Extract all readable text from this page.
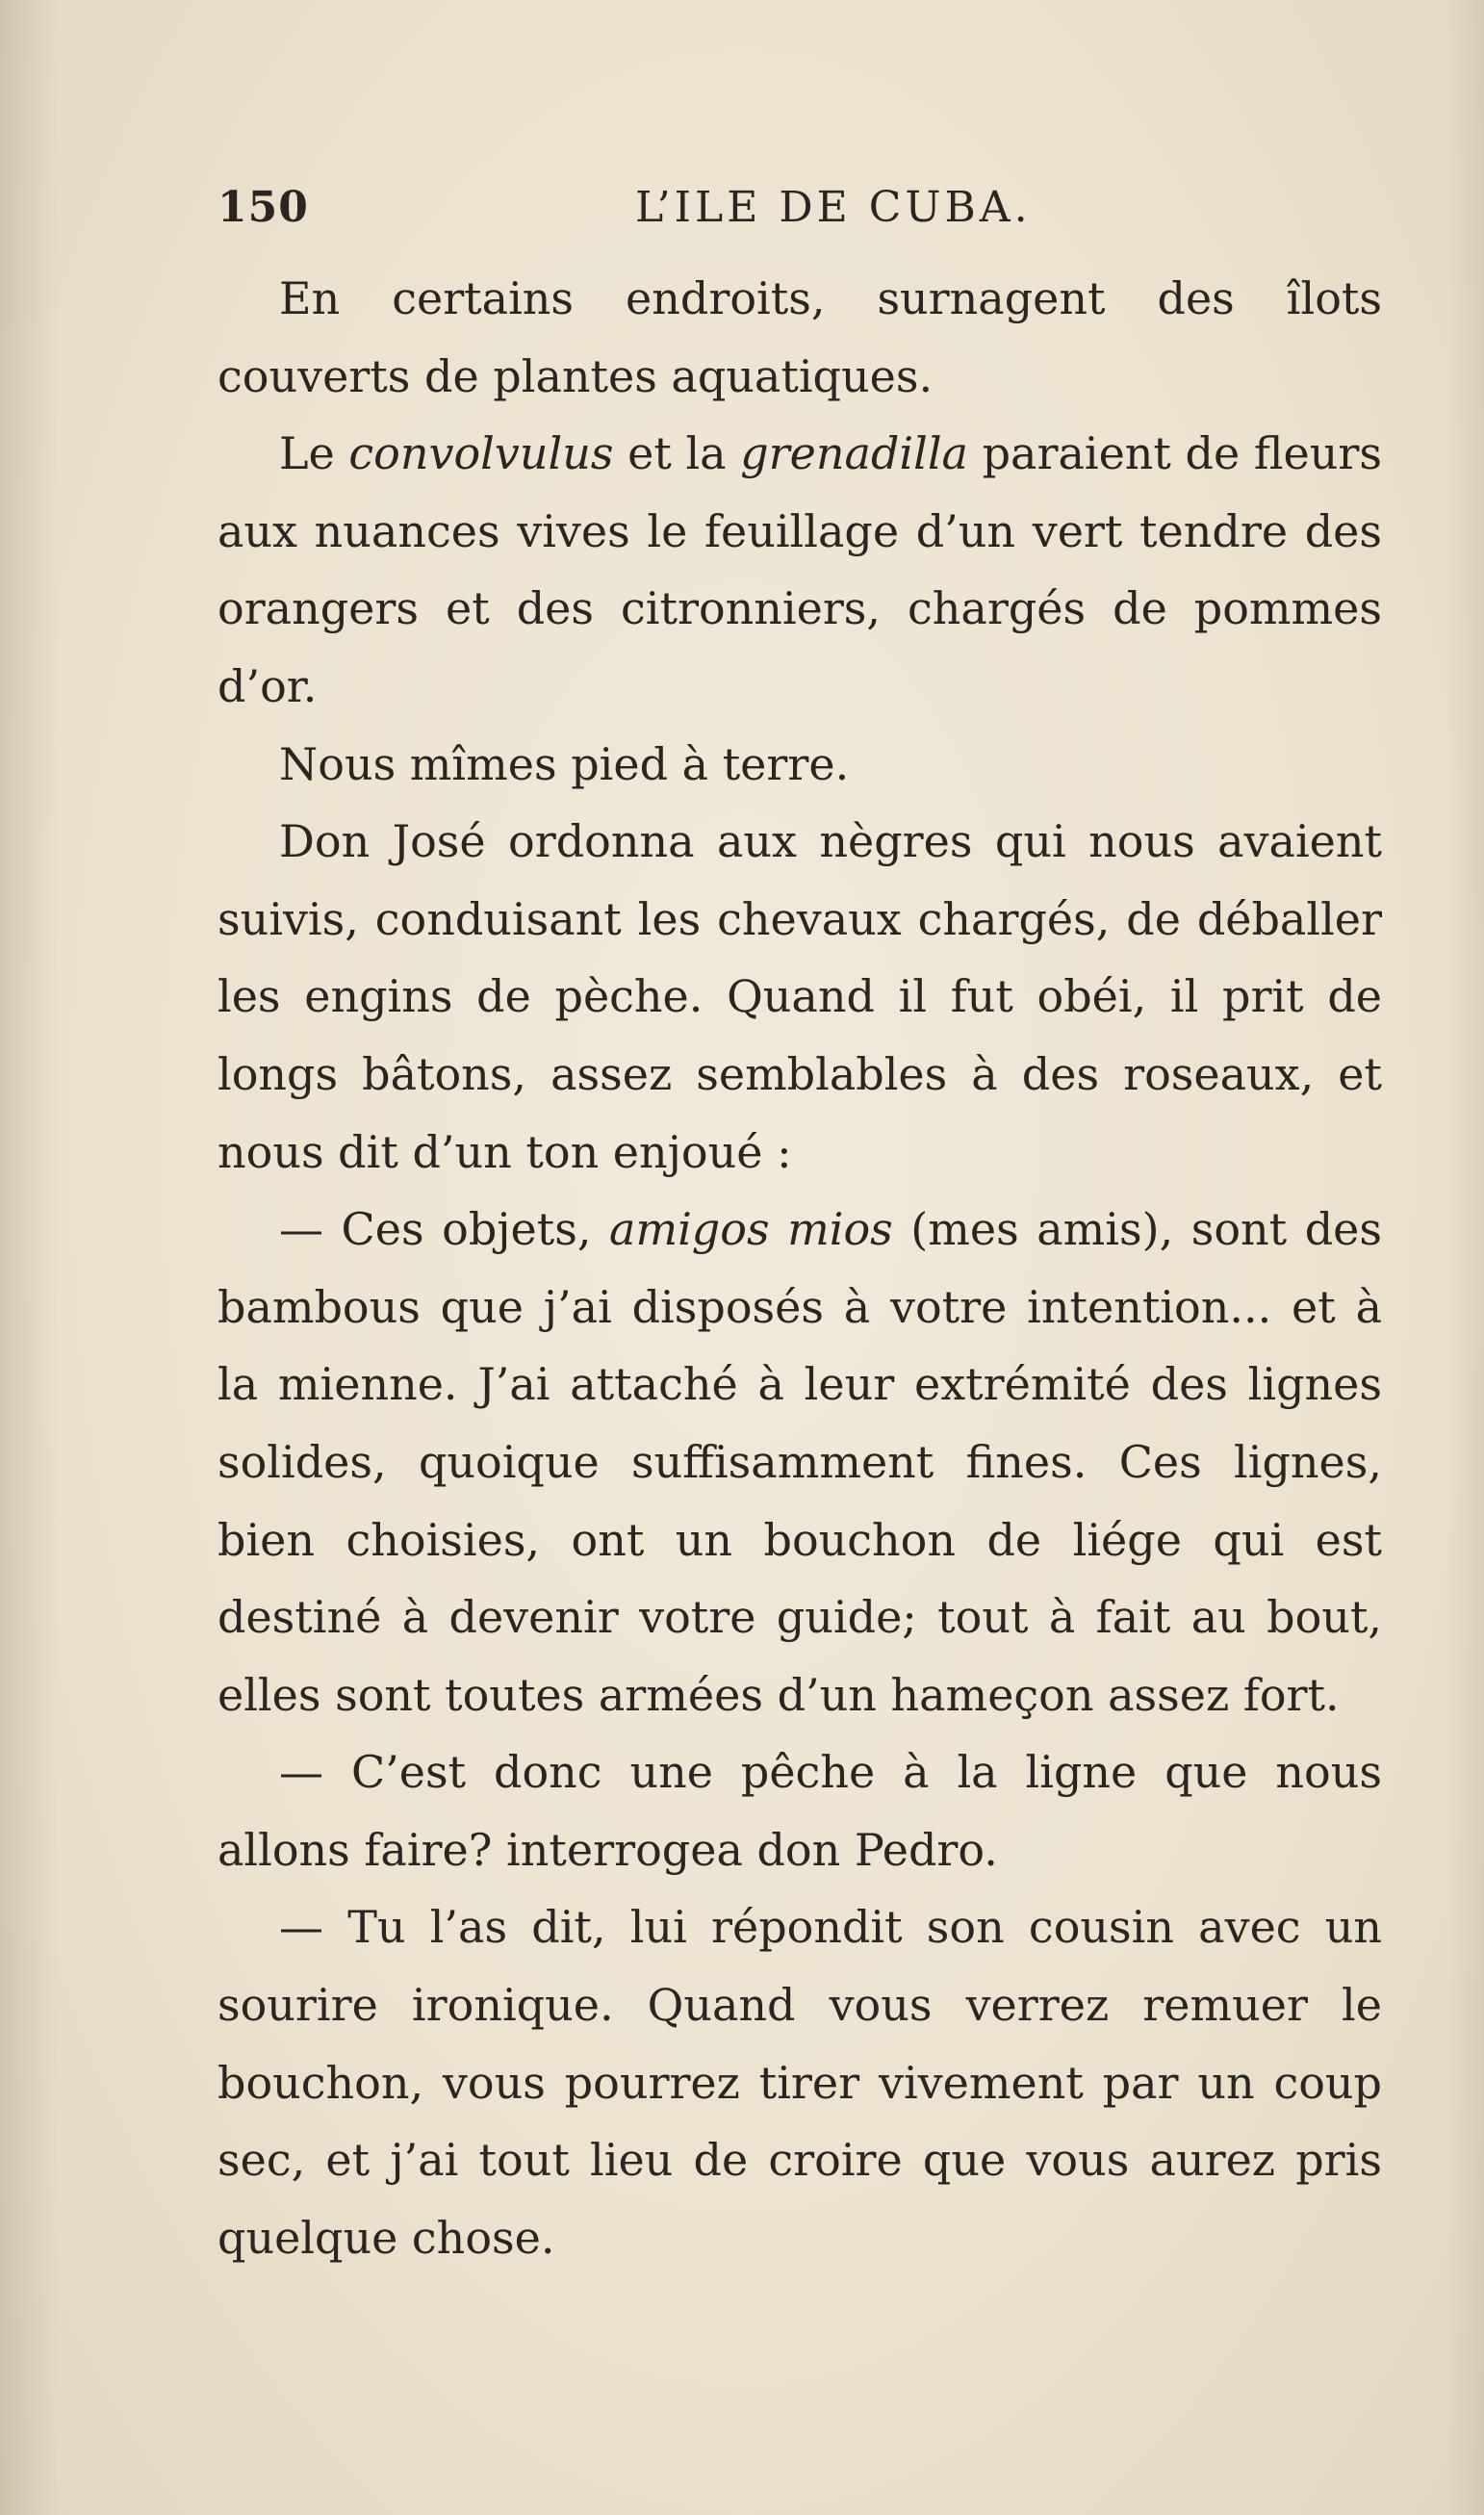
150	L’ILE DE CUBA.

En certains endroits, surnagent des îlots couverts de plantes aquatiques.

Le convolvulus et la grenadilla paraient de fleurs aux nuances vives le feuillage d’un vert tendre des orangers et des citronniers, chargés de pommes d’or.

Nous mîmes pied à terre.

Don José ordonna aux nègres qui nous avaient suivis, conduisant les chevaux chargés, de déballer les engins de pèche. Quand il fut obéi, il prit de longs bâtons, assez semblables à des roseaux, et nous dit d’un ton enjoué :

— Ces objets, amigos mios (mes amis), sont des bambous que j’ai disposés à votre intention... et à la mienne. J’ai attaché à leur extrémité des lignes solides, quoique suffisamment fines. Ces lignes, bien choisies, ont un bouchon de liége qui est destiné à devenir votre guide; tout à fait au bout, elles sont toutes armées d’un hameçon assez fort.

— C’est donc une pêche à la ligne que nous allons faire? interrogea don Pedro.

— Tu l’as dit, lui répondit son cousin avec un sourire ironique. Quand vous verrez remuer le bouchon, vous pourrez tirer vivement par un coup sec, et j’ai tout lieu de croire que vous aurez pris quelque chose.
